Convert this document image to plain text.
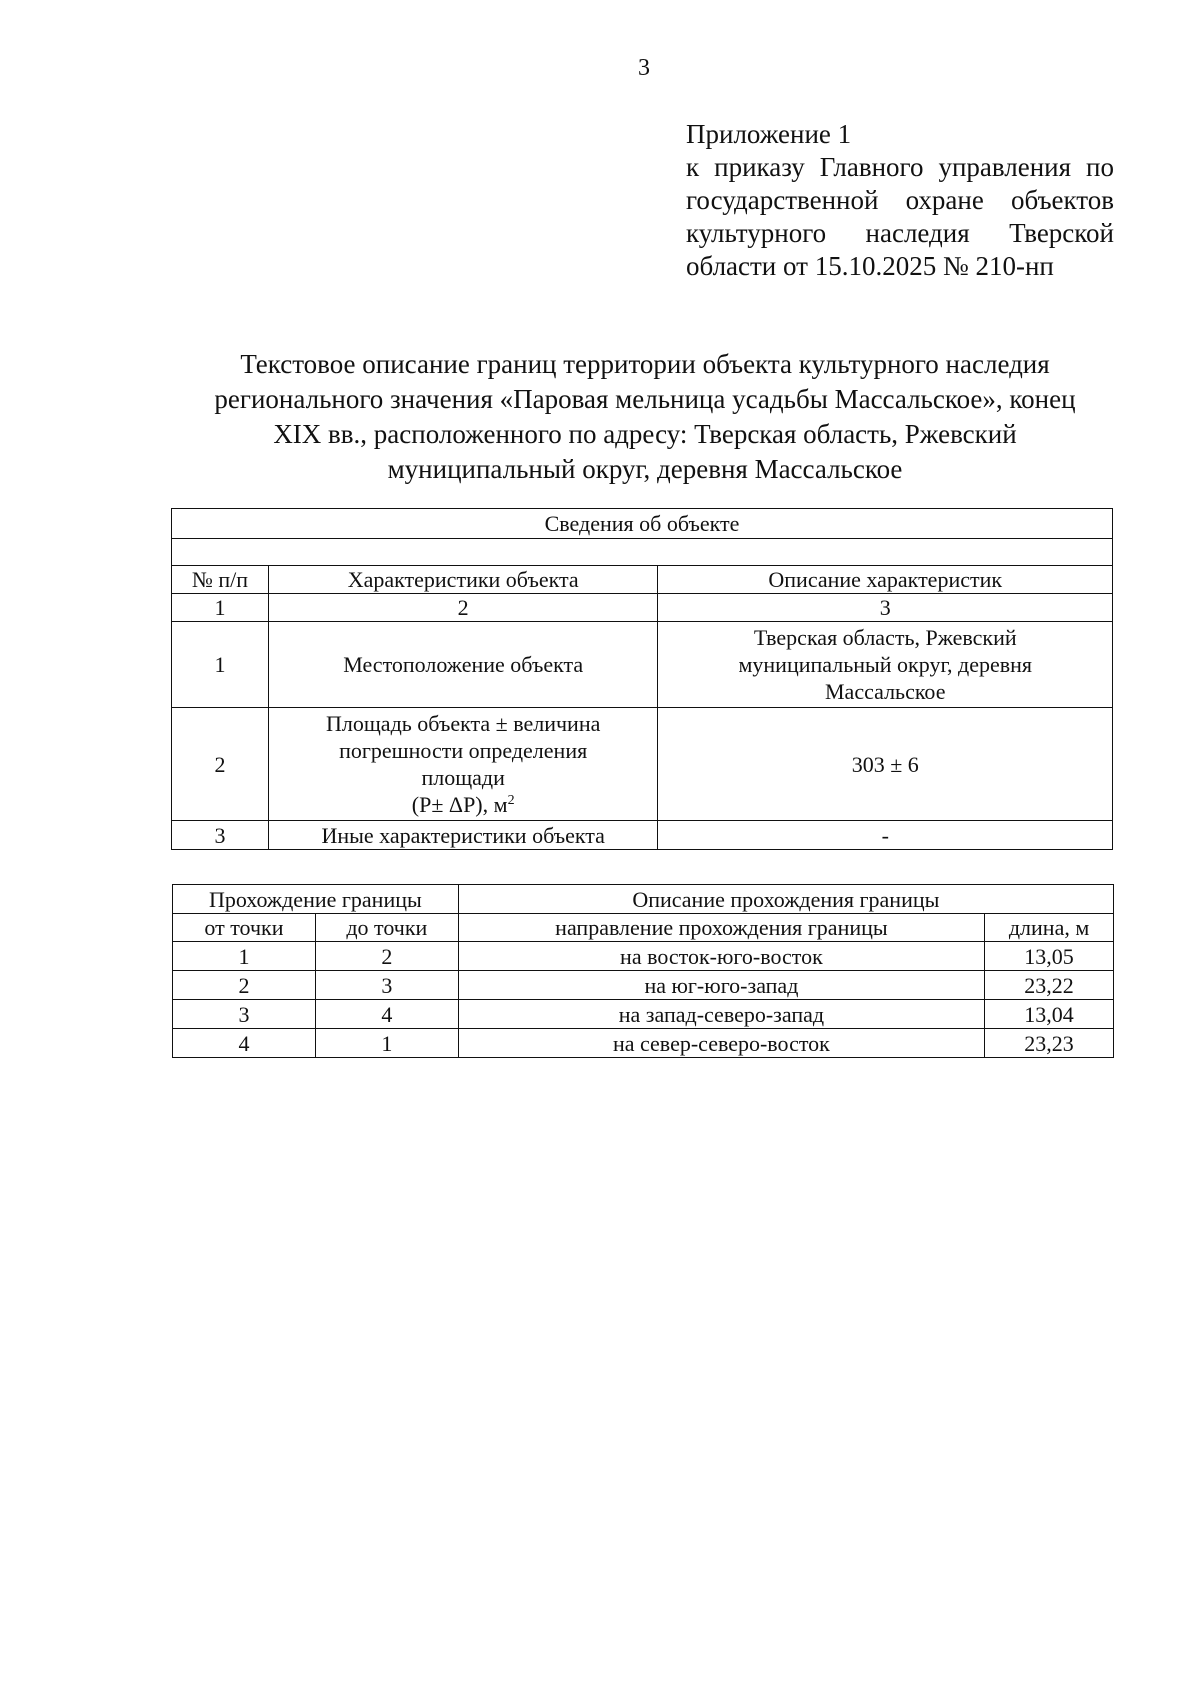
3
Приложение 1
к приказу Главного управления по
государственной охране объектов
культурного наследия Тверской
области от 15.10.2025 № 210-нп
Текстовое описание границ территории объекта культурного наследия
регионального значения «Паровая мельница усадьбы Массальское», конец
XIX вв., расположенного по адресу: Тверская область, Ржевский
муниципальный округ, деревня Массальское
Сведения об объекте		

№ п/п	Характеристики объекта	Описание характеристик
1	2	3
1	Местоположение объекта	Тверская область, Ржевский
муниципальный округ, деревня
Массальское

2	Площадь объекта ± величина
погрешности определения
площади
(P± ΔP), $м^2$	303 ± 6

3	Иные характеристики объекта	-
Прохождение границы		Описание прохождения границы	
от точки	до точки	направление прохождения границы	длина, м
1	2	на восток-юго-восток	13,05
2	3	на юг-юго-запад	23,22
3	4	на запад-северо-запад	13,04
4	1	на север-северо-восток	23,23
